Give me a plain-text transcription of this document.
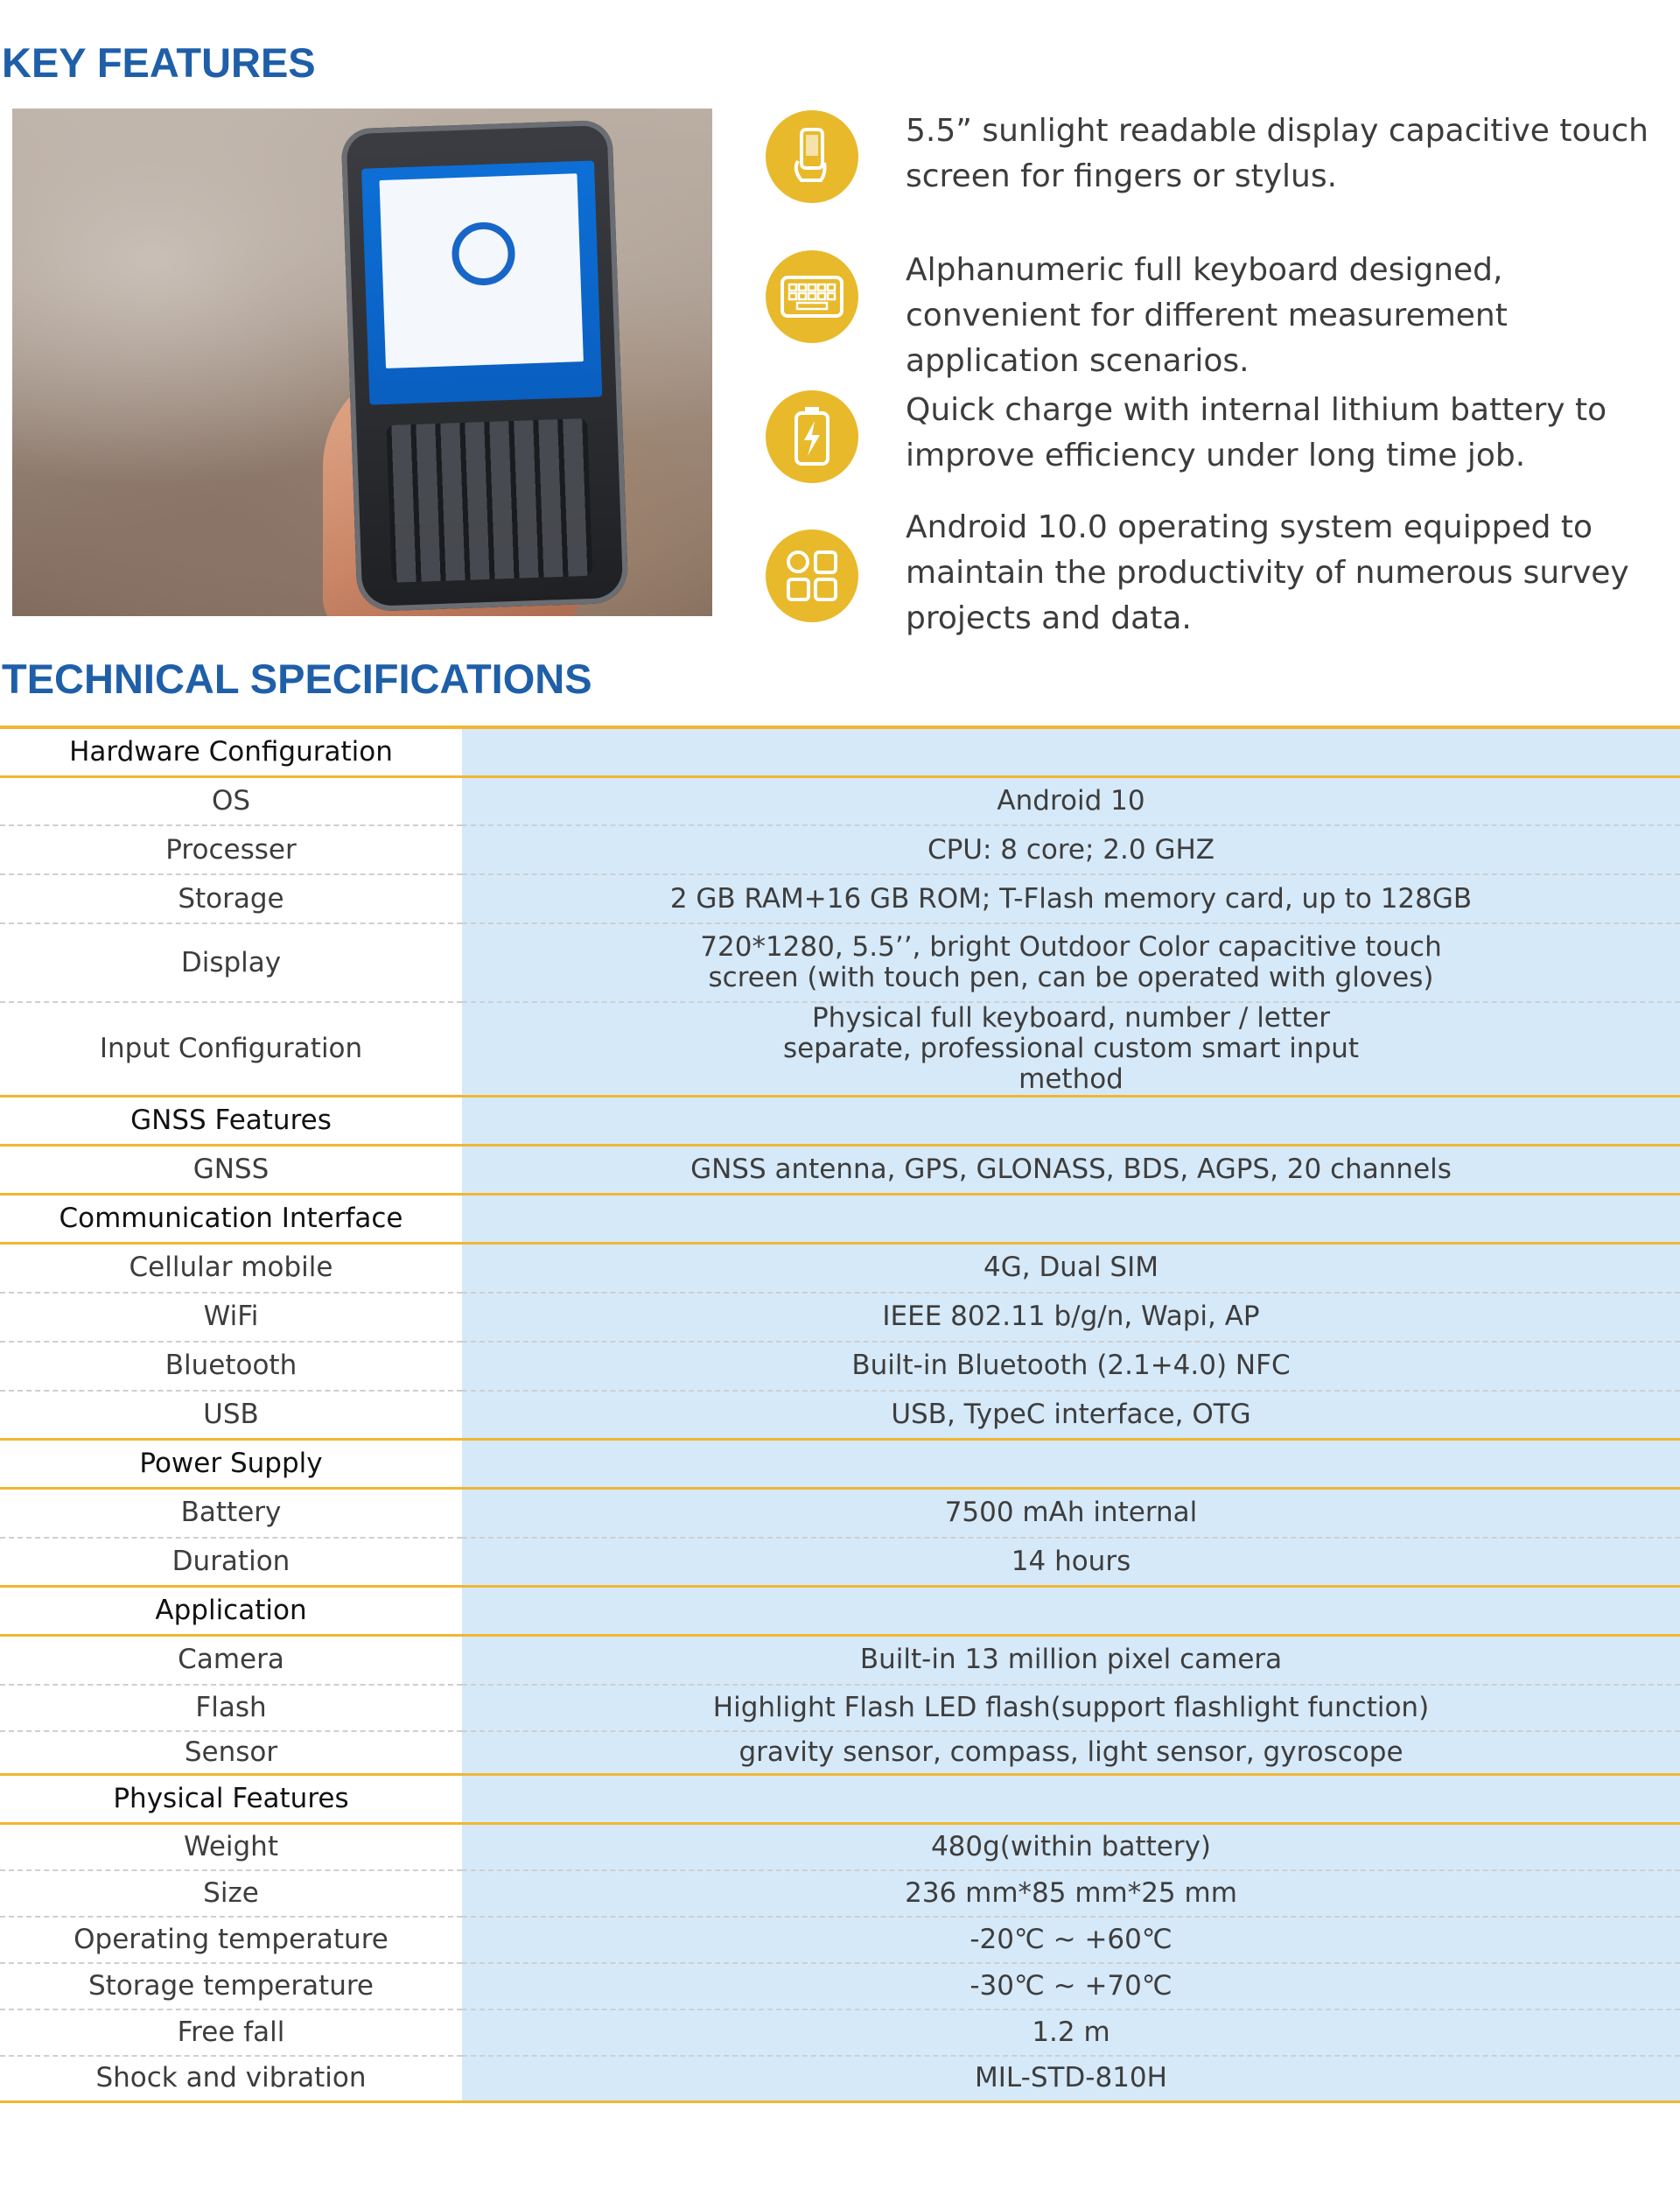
KEY FEATURES

5.5” sunlight readable display capacitive touch screen for fingers or stylus.

Alphanumeric full keyboard designed, convenient for different measurement application scenarios.

Quick charge with internal lithium battery to improve efficiency under long time job.

Android 10.0 operating system equipped to maintain the productivity of numerous survey projects and data.

TECHNICAL SPECIFICATIONS
Hardware Configuration	
OS	Android 10
Processer	CPU: 8 core; 2.0 GHZ
Storage	2 GB RAM+16 GB ROM; T-Flash memory card, up to 128GB
Display	720*1280, 5.5’’, bright Outdoor Color capacitive touch screen (with touch pen, can be operated with gloves)
Input Configuration	Physical full keyboard, number / letter separate, professional custom smart input method
GNSS Features	
GNSS	GNSS antenna, GPS, GLONASS, BDS, AGPS, 20 channels
Communication Interface	
Cellular mobile	4G, Dual SIM
WiFi	IEEE 802.11 b/g/n, Wapi, AP
Bluetooth	Built-in Bluetooth (2.1+4.0) NFC
USB	USB, TypeC interface, OTG
Power Supply	
Battery	7500 mAh internal
Duration	14 hours
Application	
Camera	Built-in 13 million pixel camera
Flash	Highlight Flash LED flash(support flashlight function)
Sensor	gravity sensor, compass, light sensor, gyroscope
Physical Features	
Weight	480g(within battery)
Size	236 mm*85 mm*25 mm
Operating temperature	-20℃ ~ +60℃
Storage temperature	-30℃ ~ +70℃
Free fall	1.2 m
Shock and vibration	MIL-STD-810H
